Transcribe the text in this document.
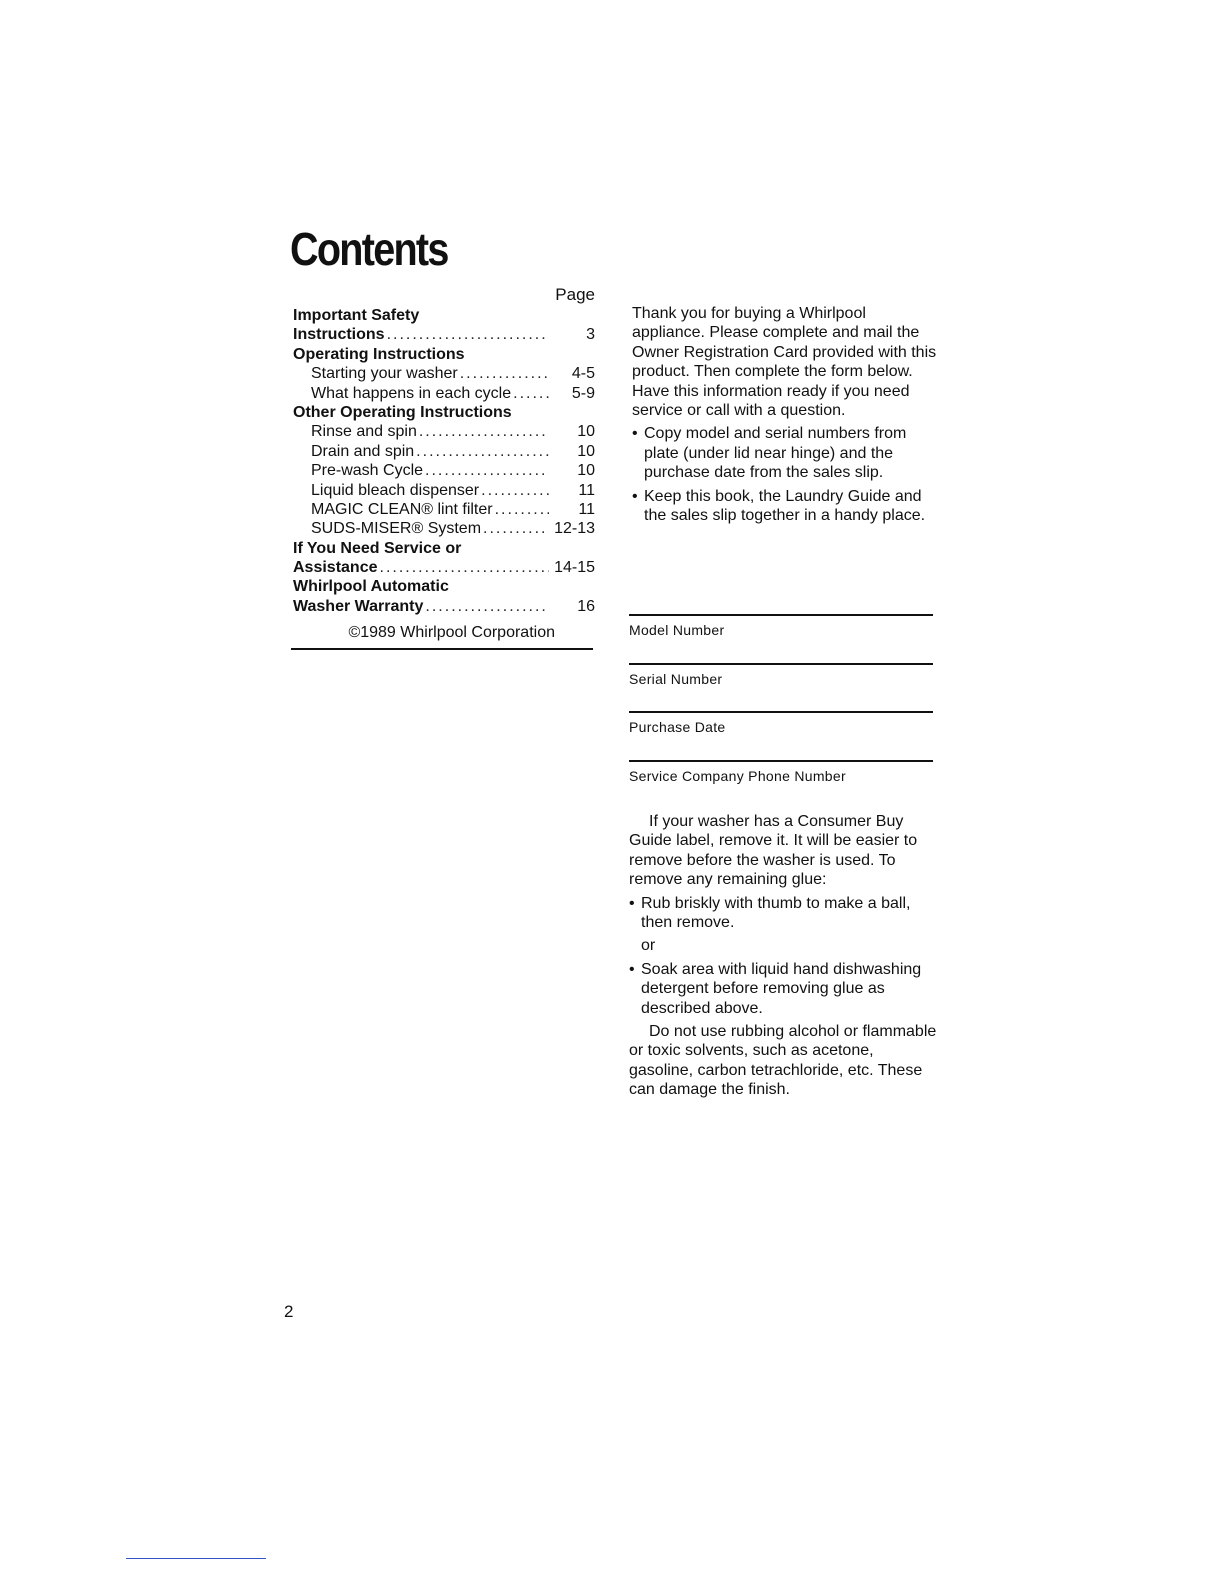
Contents
Page
Important Safety
Instructions .....	3
Operating Instructions
Starting your washer .....	4-5
What happens in each cycle .....	5-9
Other Operating Instructions
Rinse and spin .....	10
Drain and spin .....	10
Pre-wash Cycle .....	10
Liquid bleach dispenser .....	11
MAGIC CLEAN® lint filter .....	11
SUDS-MISER® System .....	12-13
If You Need Service or
Assistance .....	14-15
Whirlpool Automatic
Washer Warranty .....	16
©1989 Whirlpool Corporation
Thank you for buying a Whirlpool appliance. Please complete and mail the Owner Registration Card provided with this product. Then complete the form below. Have this information ready if you need service or call with a question.
• Copy model and serial numbers from plate (under lid near hinge) and the purchase date from the sales slip.
• Keep this book, the Laundry Guide and the sales slip together in a handy place.
Model Number
Serial Number
Purchase Date
Service Company Phone Number
If your washer has a Consumer Buy Guide label, remove it. It will be easier to remove before the washer is used. To remove any remaining glue:
• Rub briskly with thumb to make a ball, then remove.
or
• Soak area with liquid hand dishwashing detergent before removing glue as described above.
Do not use rubbing alcohol or flammable or toxic solvents, such as acetone, gasoline, carbon tetrachloride, etc. These can damage the finish.
2
